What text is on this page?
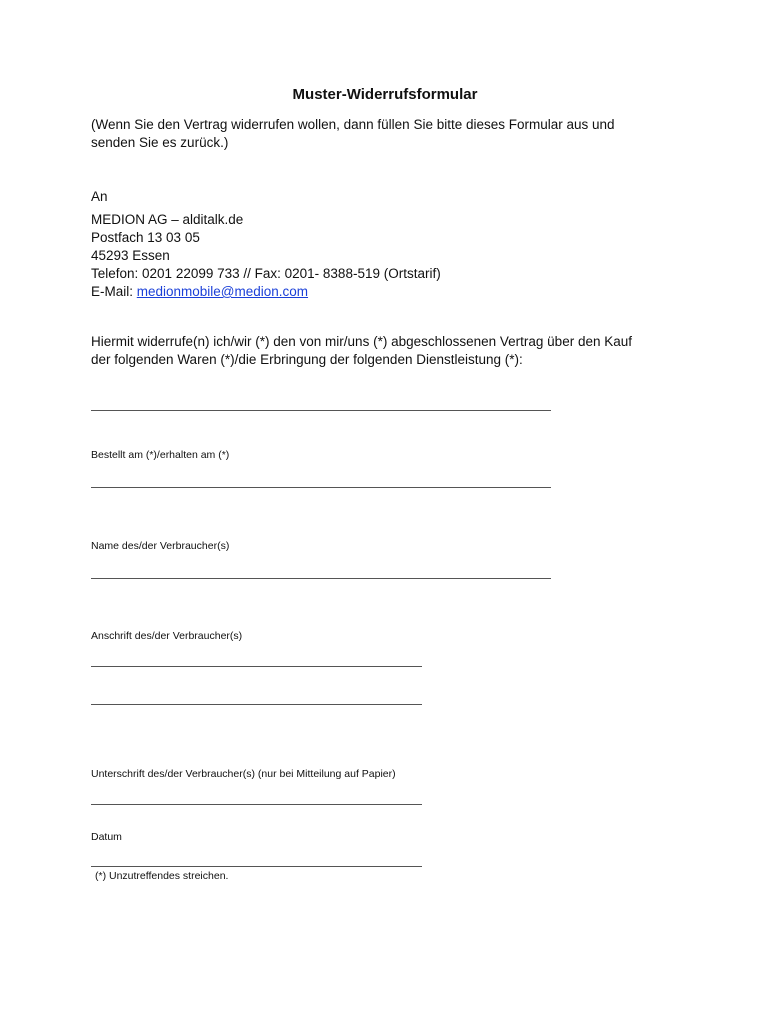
Muster-Widerrufsformular
(Wenn Sie den Vertrag widerrufen wollen, dann füllen Sie bitte dieses Formular aus und
senden Sie es zurück.)
An
MEDION AG – alditalk.de
Postfach 13 03 05
45293 Essen
Telefon: 0201 22099 733 // Fax: 0201- 8388-519 (Ortstarif)
E-Mail: medionmobile@medion.com
Hiermit widerrufe(n) ich/wir (*) den von mir/uns (*) abgeschlossenen Vertrag über den Kauf
der folgenden Waren (*)/die Erbringung der folgenden Dienstleistung (*):
Bestellt am (*)/erhalten am (*)
Name des/der Verbraucher(s)
Anschrift des/der Verbraucher(s)
Unterschrift des/der Verbraucher(s) (nur bei Mitteilung auf Papier)
Datum
(*) Unzutreffendes streichen.
